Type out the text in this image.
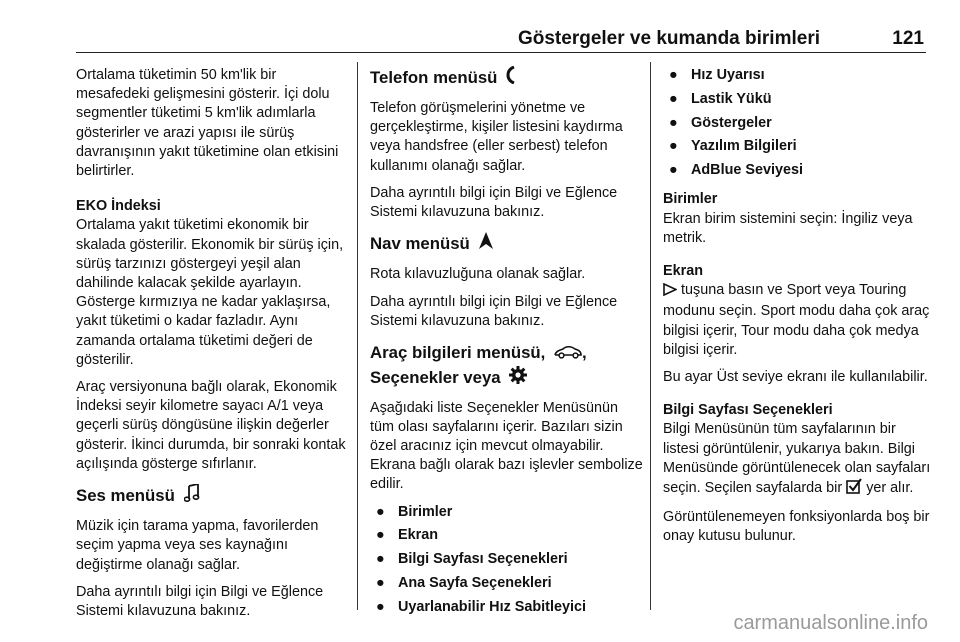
Göstergeler ve kumanda birimleri	121

Ortalama tüketimin 50 km'lik bir mesafedeki gelişmesini gösterir. İçi dolu segmentler tüketimi 5 km'lik adımlarla gösterirler ve arazi yapısı ile sürüş davranışının yakıt tüketimine olan etkisini belirtirler.

EKO İndeksi

Ortalama yakıt tüketimi ekonomik bir skalada gösterilir. Ekonomik bir sürüş için, sürüş tarzınızı göstergeyi yeşil alan dahilinde kalacak şekilde ayarlayın. Gösterge kırmızıya ne kadar yaklaşırsa, yakıt tüketimi o kadar fazladır. Aynı zamanda ortalama tüketimi değeri de gösterilir.

Araç versiyonuna bağlı olarak, Ekonomik İndeksi seyir kilometre sayacı A/1 veya geçerli sürüş döngüsüne ilişkin değerler gösterir. İkinci durumda, bir sonraki kontak açılışında gösterge sıfırlanır.

Ses menüsü

Müzik için tarama yapma, favorilerden seçim yapma veya ses kaynağını değiştirme olanağı sağlar.

Daha ayrıntılı bilgi için Bilgi ve Eğlence Sistemi kılavuzuna bakınız.

Telefon menüsü

Telefon görüşmelerini yönetme ve gerçekleştirme, kişiler listesini kaydırma veya handsfree (eller serbest) telefon kullanımı olanağı sağlar.

Daha ayrıntılı bilgi için Bilgi ve Eğlence Sistemi kılavuzuna bakınız.

Nav menüsü

Rota kılavuzluğuna olanak sağlar.

Daha ayrıntılı bilgi için Bilgi ve Eğlence Sistemi kılavuzuna bakınız.

Araç bilgileri menüsü, ,
Seçenekler veya

Aşağıdaki liste Seçenekler Menüsünün tüm olası sayfalarını içerir. Bazıları sizin özel aracınız için mevcut olmayabilir. Ekrana bağlı olarak bazı işlevler sembolize edilir.

● Birimler
● Ekran
● Bilgi Sayfası Seçenekleri
● Ana Sayfa Seçenekleri
● Uyarlanabilir Hız Sabitleyici
● Hız Uyarısı
● Lastik Yükü
● Göstergeler
● Yazılım Bilgileri
● AdBlue Seviyesi
Birimler

Ekran birim sistemini seçin: İngiliz veya metrik.

Ekran

tuşuna basın ve Sport veya Touring modunu seçin. Sport modu daha çok araç bilgisi içerir, Tour modu daha çok medya bilgisi içerir.

Bu ayar Üst seviye ekranı ile kullanılabilir.

Bilgi Sayfası Seçenekleri

Bilgi Menüsünün tüm sayfalarının bir listesi görüntülenir, yukarıya bakın. Bilgi Menüsünde görüntülenecek olan sayfaları seçin. Seçilen sayfalarda bir yer alır.

Görüntülenemeyen fonksiyonlarda boş bir onay kutusu bulunur.

carmanualsonline.info
